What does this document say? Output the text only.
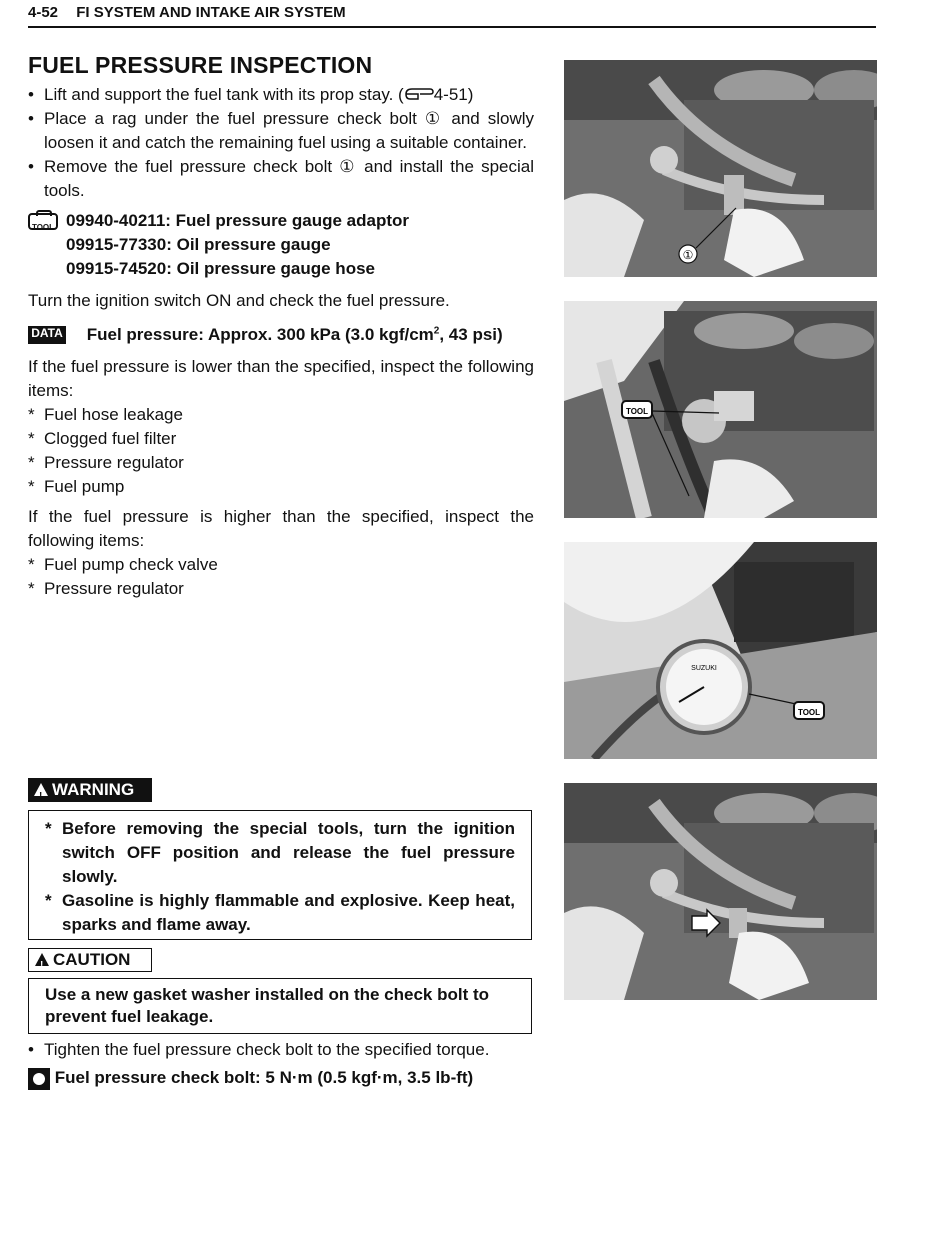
4-52 FI SYSTEM AND INTAKE AIR SYSTEM
FUEL PRESSURE INSPECTION
• Lift and support the fuel tank with its prop stay. ( 4-51)
• Place a rag under the fuel pressure check bolt ① and slowly loosen it and catch the remaining fuel using a suitable container.
• Remove the fuel pressure check bolt ① and install the special tools.
TOOL 09940-40211: Fuel pressure gauge adaptor
09915-77330: Oil pressure gauge
09915-74520: Oil pressure gauge hose

Turn the ignition switch ON and check the fuel pressure.

DATA Fuel pressure: Approx. 300 kPa (3.0 kgf/$cm^2$, 43 psi)

If the fuel pressure is lower than the specified, inspect the following items:

* Fuel hose leakage
* Clogged fuel filter
* Pressure regulator
* Fuel pump

If the fuel pressure is higher than the specified, inspect the following items:

* Fuel pump check valve
* Pressure regulator
! WARNING
* Before removing the special tools, turn the ignition switch OFF position and release the fuel pressure slowly.
* Gasoline is highly flammable and explosive. Keep heat, sparks and flame away.
! CAUTION
Use a new gasket washer installed on the check bolt to prevent fuel leakage.
• Tighten the fuel pressure check bolt to the specified torque.
Fuel pressure check bolt: 5 N·m (0.5 kgf·m, 3.5 lb-ft)
①
TOOL
SUZUKI
TOOL
